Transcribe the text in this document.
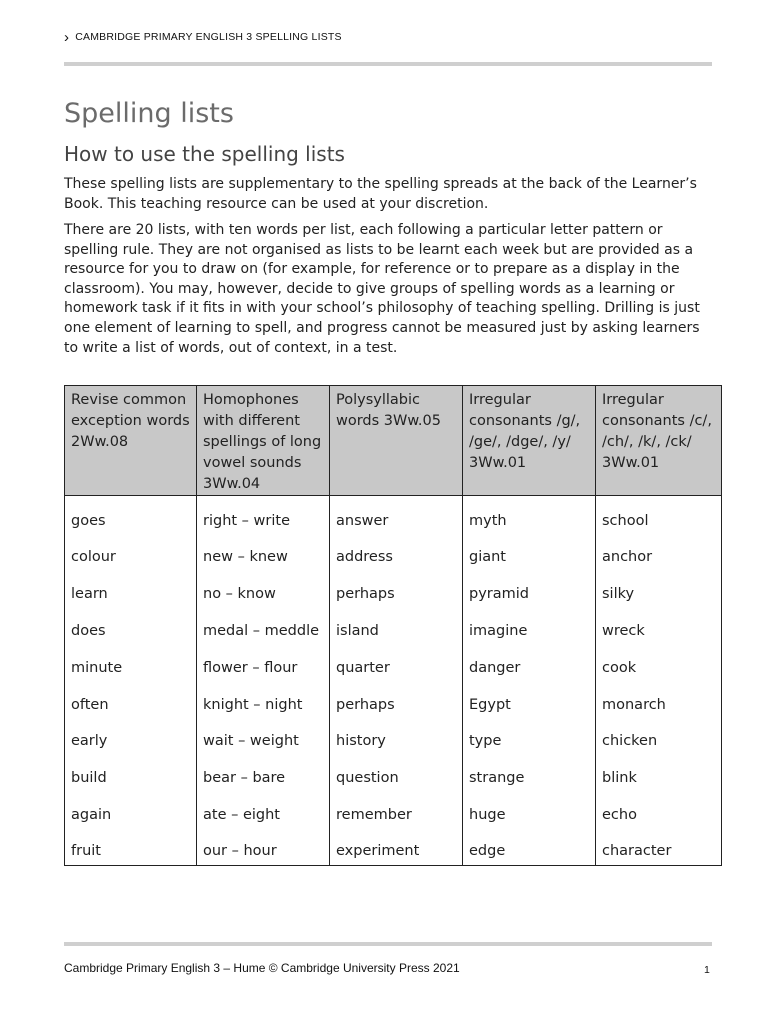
› CAMBRIDGE PRIMARY ENGLISH 3 SPELLING LISTS
Spelling lists
How to use the spelling lists

These spelling lists are supplementary to the spelling spreads at the back of the Learner’s Book. This teaching resource can be used at your discretion.

There are 20 lists, with ten words per list, each following a particular letter pattern or spelling rule. They are not organised as lists to be learnt each week but are provided as a resource for you to draw on (for example, for reference or to prepare as a display in the classroom). You may, however, decide to give groups of spelling words as a learning or homework task if it fits in with your school’s philosophy of teaching spelling. Drilling is just one element of learning to spell, and progress cannot be measured just by asking learners to write a list of words, out of context, in a test.

Revise common exception words 2Ww.08	Homophones with different spellings of long vowel sounds 3Ww.04	Polysyllabic words 3Ww.05	Irregular consonants /g/, /ge/, /dge/, /y/ 3Ww.01	Irregular consonants /c/, /ch/, /k/, /ck/ 3Ww.01
goes	right – write	answer	myth	school
colour	new – knew	address	giant	anchor
learn	no – know	perhaps	pyramid	silky
does	medal – meddle	island	imagine	wreck
minute	flower – flour	quarter	danger	cook
often	knight – night	perhaps	Egypt	monarch
early	wait – weight	history	type	chicken
build	bear – bare	question	strange	blink
again	ate – eight	remember	huge	echo
fruit	our – hour	experiment	edge	character
Cambridge Primary English 3 – Hume © Cambridge University Press 2021	1
